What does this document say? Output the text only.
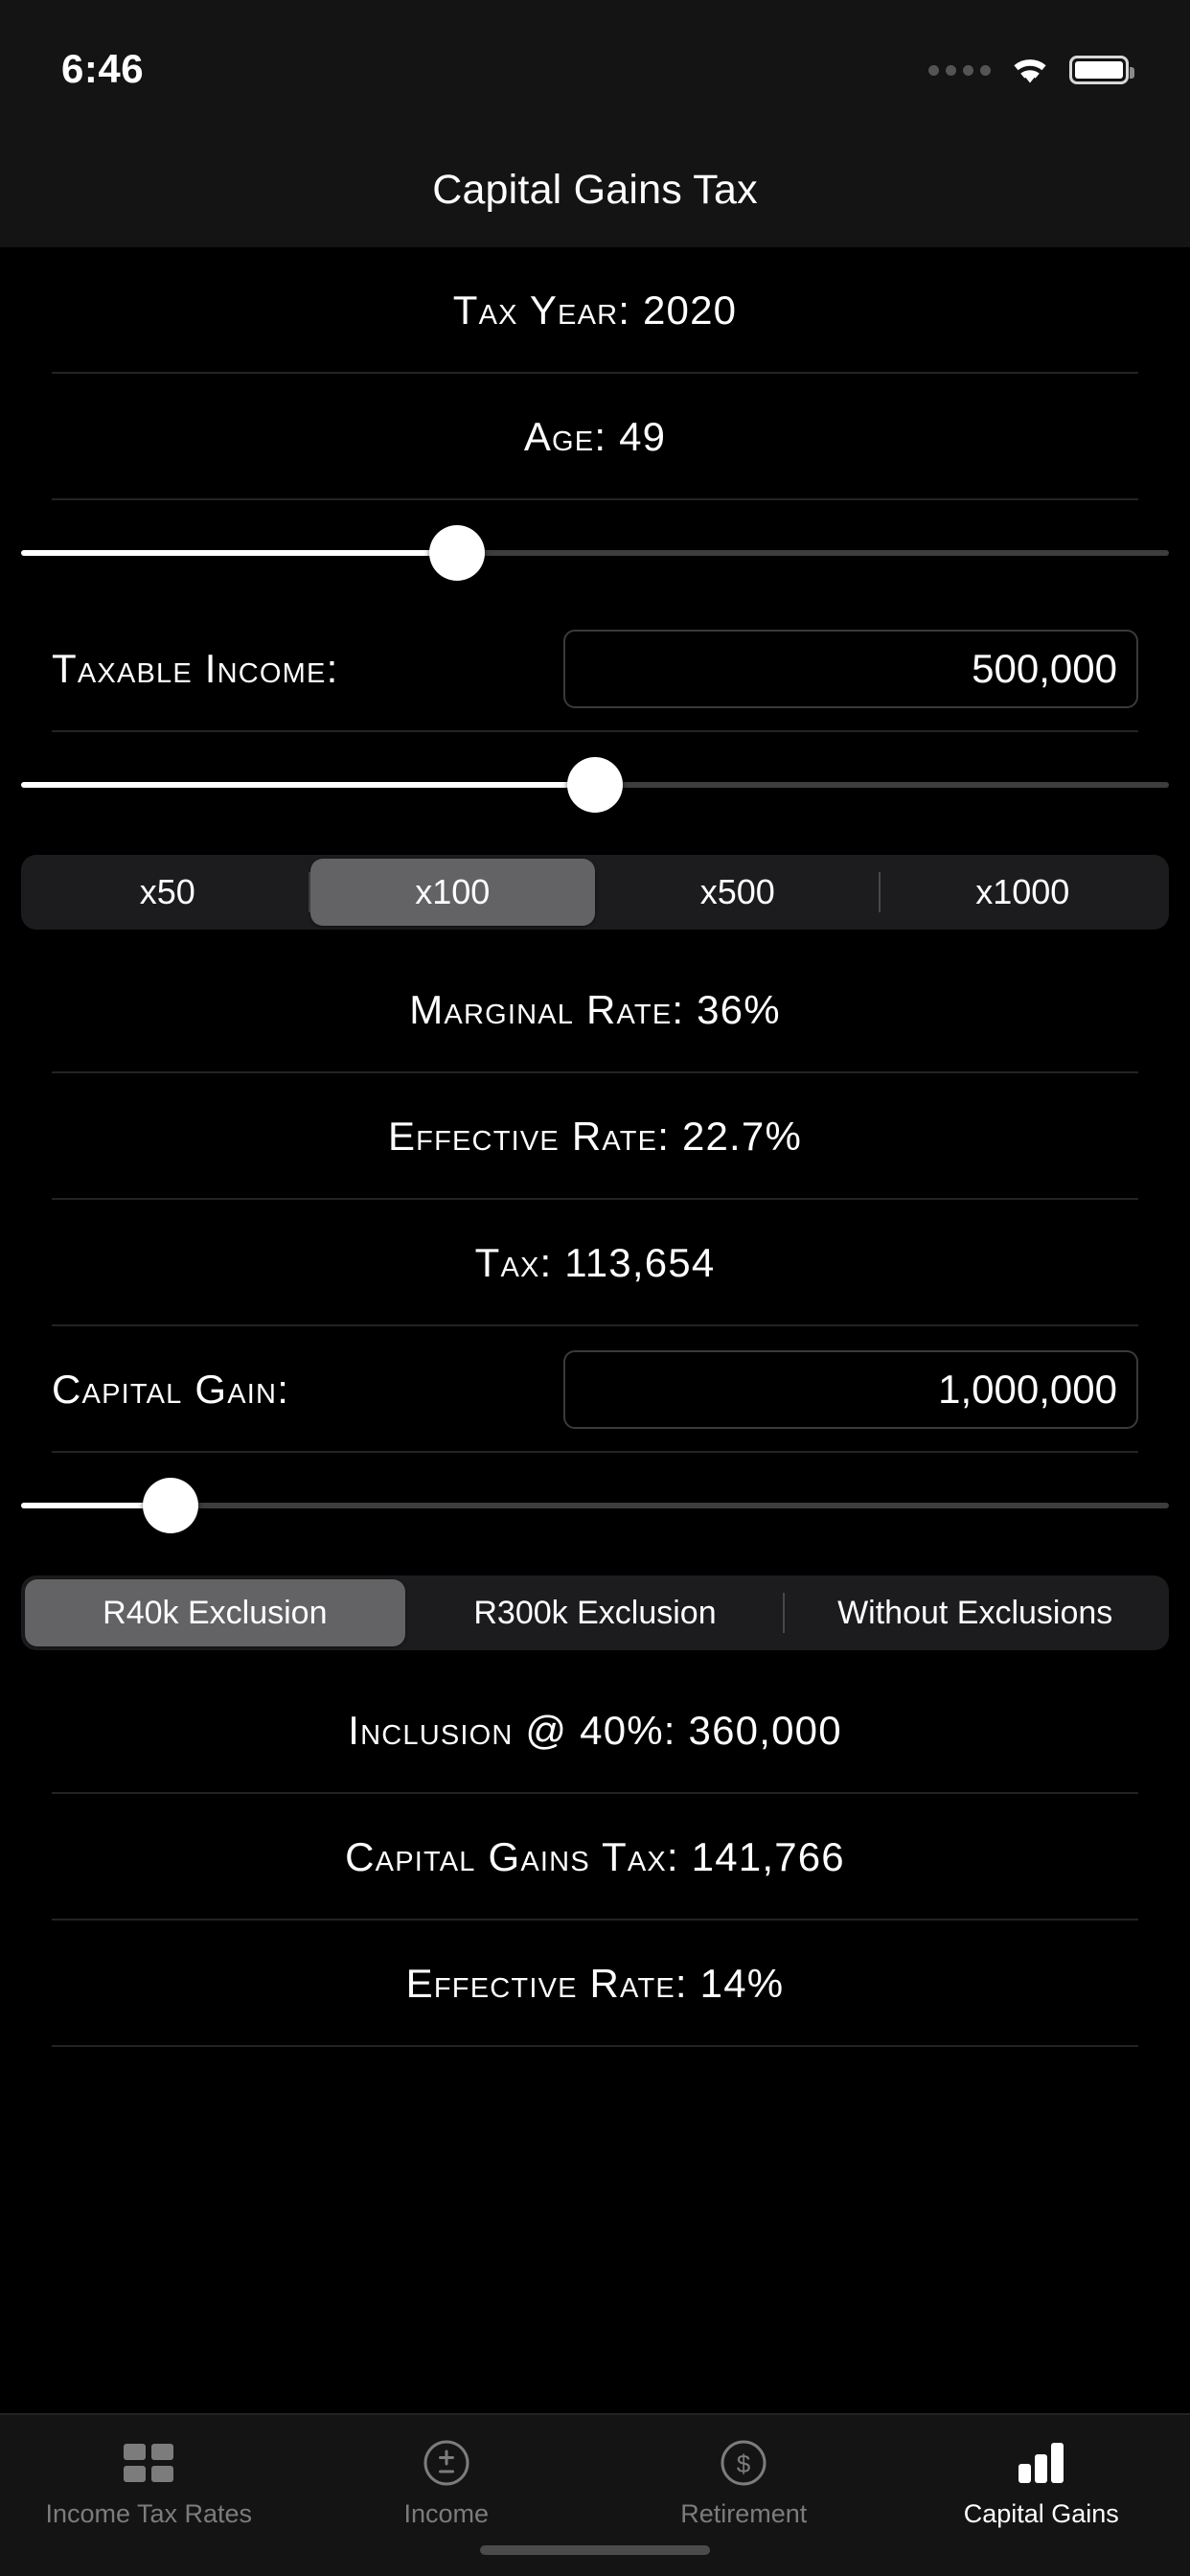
6:46
Capital Gains Tax
Tax Year: 2020
Age: 49
Taxable Income:	500,000
x50	x100	x500	x1000
Marginal Rate: 36%
Effective Rate: 22.7%
Tax: 113,654
Capital Gain:	1,000,000
R40k Exclusion	R300k Exclusion	Without Exclusions
Inclusion @ 40%: 360,000
Capital Gains Tax: 141,766
Effective Rate: 14%
Income Tax Rates	Income
$
Retirement	Capital Gains
